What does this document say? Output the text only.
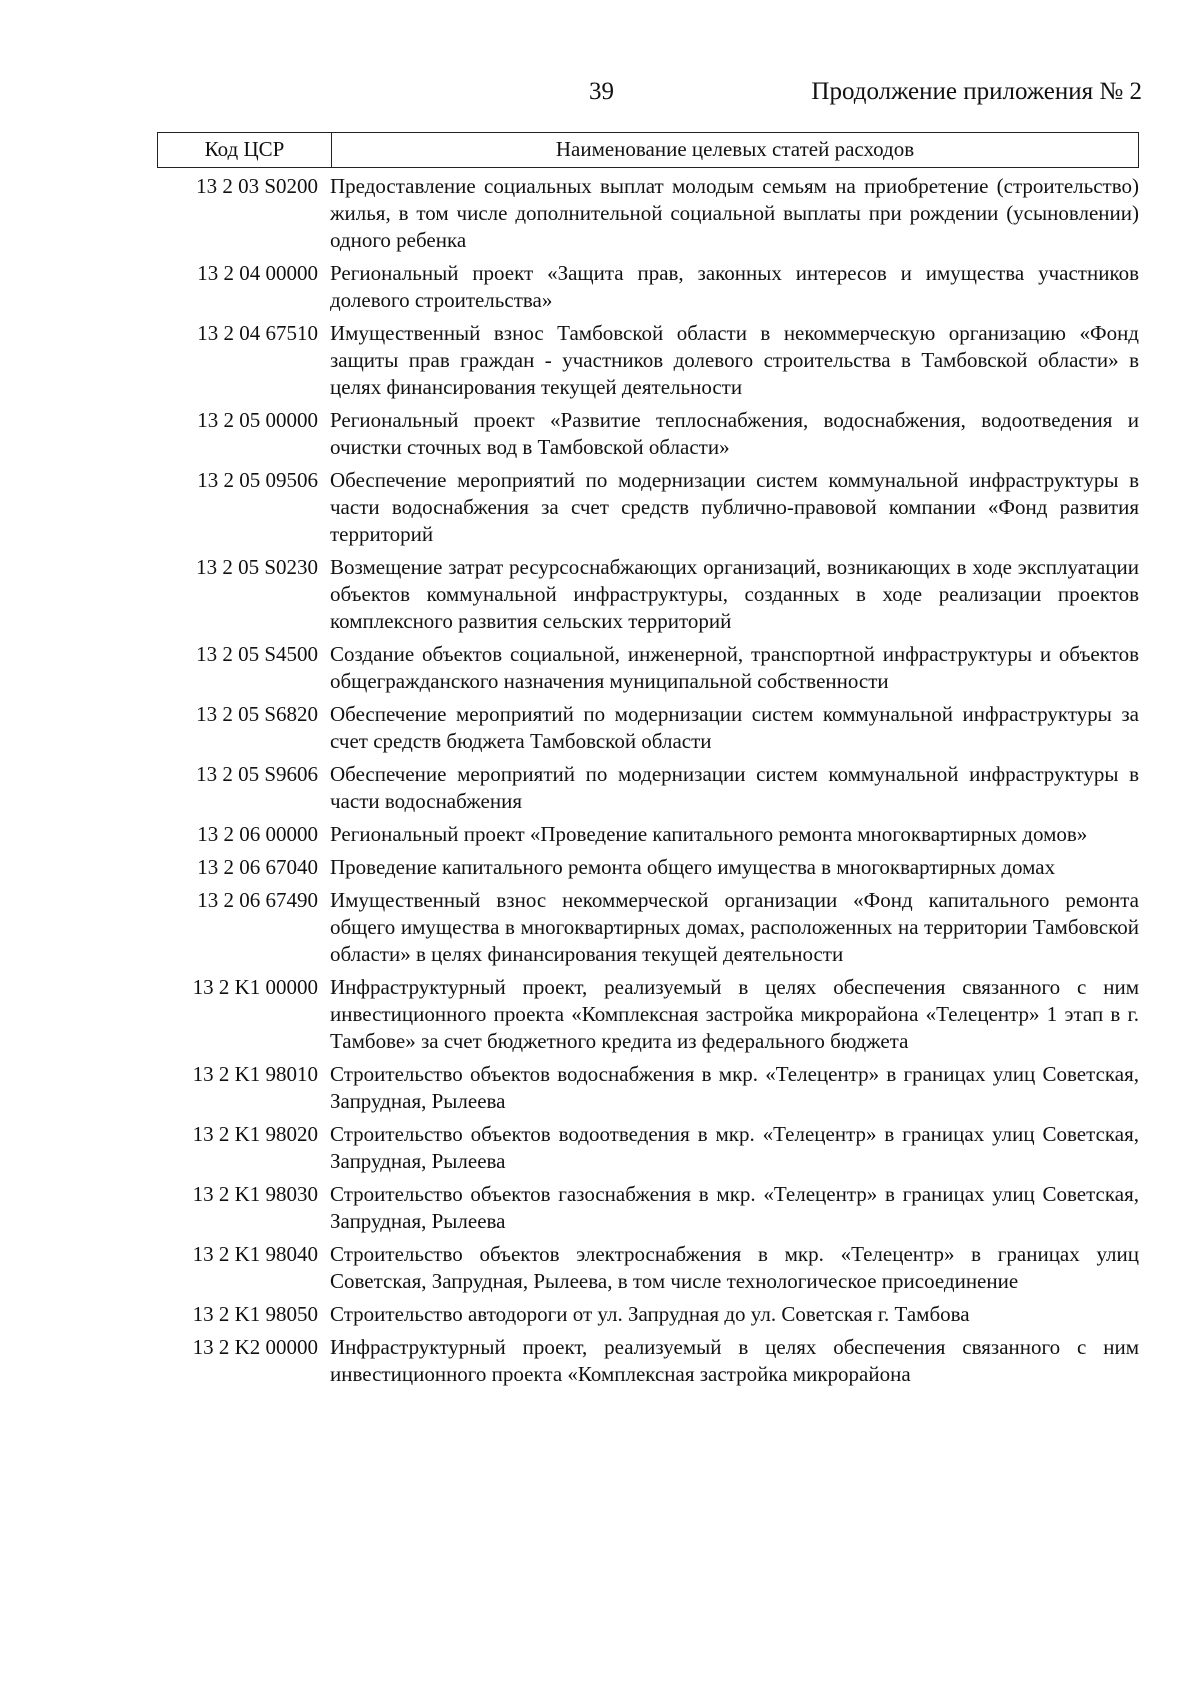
39	Продолжение приложения № 2
Код ЦСР	Наименование целевых статей расходов
13 2 03 S0200 Предоставление социальных выплат молодым семьям на приобретение (строительство) жилья, в том числе дополнительной социальной выплаты при рождении (усыновлении) одного ребенка
13 2 04 00000 Региональный проект «Защита прав, законных интересов и имущества участников долевого строительства»
13 2 04 67510 Имущественный взнос Тамбовской области в некоммерческую организацию «Фонд защиты прав граждан - участников долевого строительства в Тамбовской области» в целях финансирования текущей деятельности
13 2 05 00000 Региональный проект «Развитие теплоснабжения, водоснабжения, водоотведения и очистки сточных вод в Тамбовской области»
13 2 05 09506 Обеспечение мероприятий по модернизации систем коммунальной инфраструктуры в части водоснабжения за счет средств публично-правовой компании «Фонд развития территорий
13 2 05 S0230 Возмещение затрат ресурсоснабжающих организаций, возникающих в ходе эксплуатации объектов коммунальной инфраструктуры, созданных в ходе реализации проектов комплексного развития сельских территорий
13 2 05 S4500 Создание объектов социальной, инженерной, транспортной инфраструктуры и объектов общегражданского назначения муниципальной собственности
13 2 05 S6820 Обеспечение мероприятий по модернизации систем коммунальной инфраструктуры за счет средств бюджета Тамбовской области
13 2 05 S9606 Обеспечение мероприятий по модернизации систем коммунальной инфраструктуры в части водоснабжения
13 2 06 00000 Региональный проект «Проведение капитального ремонта многоквартирных домов»
13 2 06 67040 Проведение капитального ремонта общего имущества в многоквартирных домах
13 2 06 67490 Имущественный взнос некоммерческой организации «Фонд капитального ремонта общего имущества в многоквартирных домах, расположенных на территории Тамбовской области» в целях финансирования текущей деятельности
13 2 K1 00000 Инфраструктурный проект, реализуемый в целях обеспечения связанного с ним инвестиционного проекта «Комплексная застройка микрорайона «Телецентр» 1 этап в г. Тамбове» за счет бюджетного кредита из федерального бюджета
13 2 K1 98010 Строительство объектов водоснабжения в мкр. «Телецентр» в границах улиц Советская, Запрудная, Рылеева
13 2 K1 98020 Строительство объектов водоотведения в мкр. «Телецентр» в границах улиц Советская, Запрудная, Рылеева
13 2 K1 98030 Строительство объектов газоснабжения в мкр. «Телецентр» в границах улиц Советская, Запрудная, Рылеева
13 2 K1 98040 Строительство объектов электроснабжения в мкр. «Телецентр» в границах улиц Советская, Запрудная, Рылеева, в том числе технологическое присоединение
13 2 K1 98050 Строительство автодороги от ул. Запрудная до ул. Советская г. Тамбова
13 2 K2 00000 Инфраструктурный проект, реализуемый в целях обеспечения связанного с ним инвестиционного проекта «Комплексная застройка микрорайона
